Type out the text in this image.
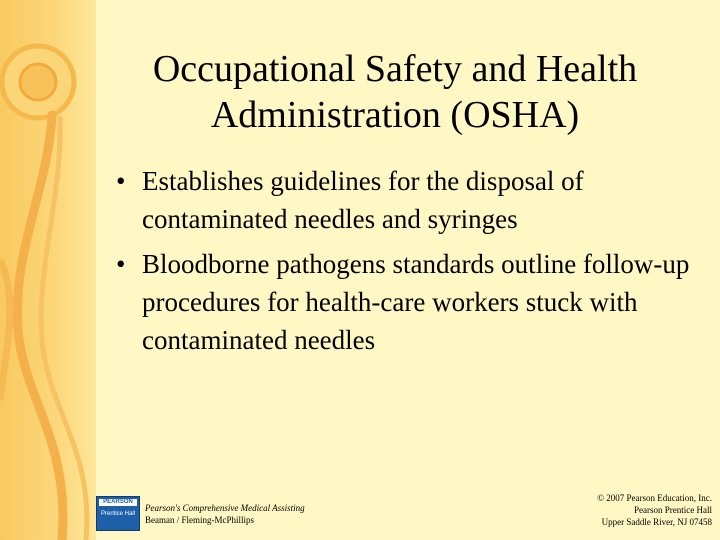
Occupational Safety and Health
Administration (OSHA)
• Establishes guidelines for the disposal of contaminated needles and syringes
• Bloodborne pathogens standards outline follow-up procedures for health-care workers stuck with contaminated needles
PEARSON
Prentice Hall
Pearson's Comprehensive Medical Assisting
Beaman / Fleming-McPhillips
© 2007 Pearson Education, Inc.
Pearson Prentice Hall
Upper Saddle River, NJ 07458
